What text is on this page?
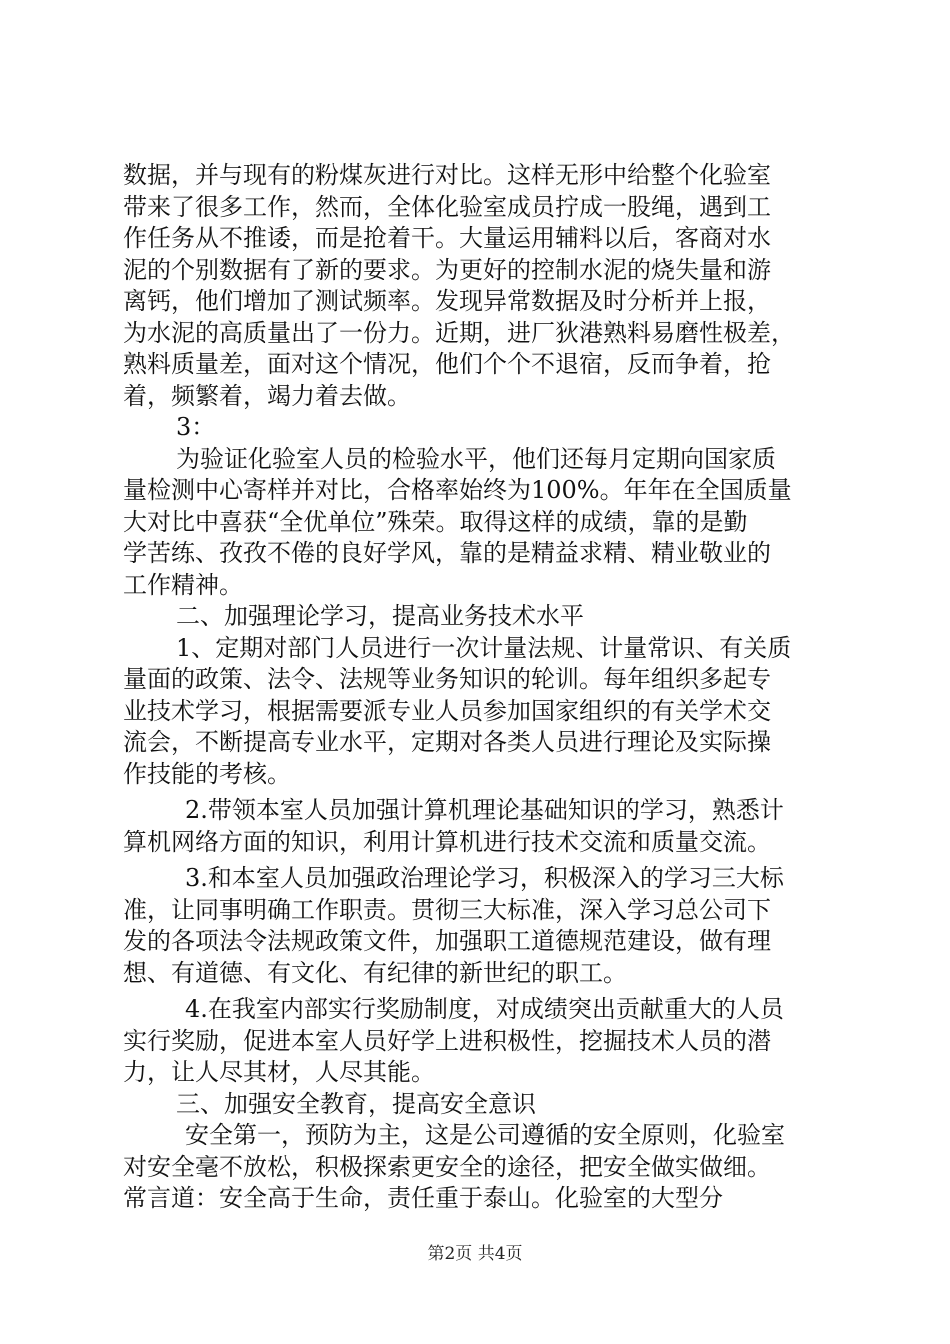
数据，并与现有的粉煤灰进行对比。这样无形中给整个化验室
带来了很多工作，然而，全体化验室成员拧成一股绳，遇到工
作任务从不推诿，而是抢着干。大量运用辅料以后，客商对水
泥的个别数据有了新的要求。为更好的控制水泥的烧失量和游
离钙，他们增加了测试频率。发现异常数据及时分析并上报，
为水泥的高质量出了一份力。近期，进厂狄港熟料易磨性极差，
熟料质量差，面对这个情况，他们个个不退宿，反而争着，抢
着，频繁着，竭力着去做。
3：
为验证化验室人员的检验水平，他们还每月定期向国家质
量检测中心寄样并对比，合格率始终为100%。年年在全国质量
大对比中喜获“全优单位”殊荣。取得这样的成绩，靠的是勤
学苦练、孜孜不倦的良好学风，靠的是精益求精、精业敬业的
工作精神。
二、加强理论学习，提高业务技术水平
1、定期对部门人员进行一次计量法规、计量常识、有关质
量面的政策、法令、法规等业务知识的轮训。每年组织多起专
业技术学习，根据需要派专业人员参加国家组织的有关学术交
流会，不断提高专业水平，定期对各类人员进行理论及实际操
作技能的考核。
2.带领本室人员加强计算机理论基础知识的学习，熟悉计
算机网络方面的知识，利用计算机进行技术交流和质量交流。
3.和本室人员加强政治理论学习，积极深入的学习三大标
准，让同事明确工作职责。贯彻三大标准，深入学习总公司下
发的各项法令法规政策文件，加强职工道德规范建设，做有理
想、有道德、有文化、有纪律的新世纪的职工。
4.在我室内部实行奖励制度，对成绩突出贡献重大的人员
实行奖励，促进本室人员好学上进积极性，挖掘技术人员的潜
力，让人尽其材，人尽其能。
三、加强安全教育，提高安全意识
安全第一，预防为主，这是公司遵循的安全原则，化验室
对安全毫不放松，积极探索更安全的途径，把安全做实做细。
常言道：安全高于生命，责任重于泰山。化验室的大型分
第2页 共4页
